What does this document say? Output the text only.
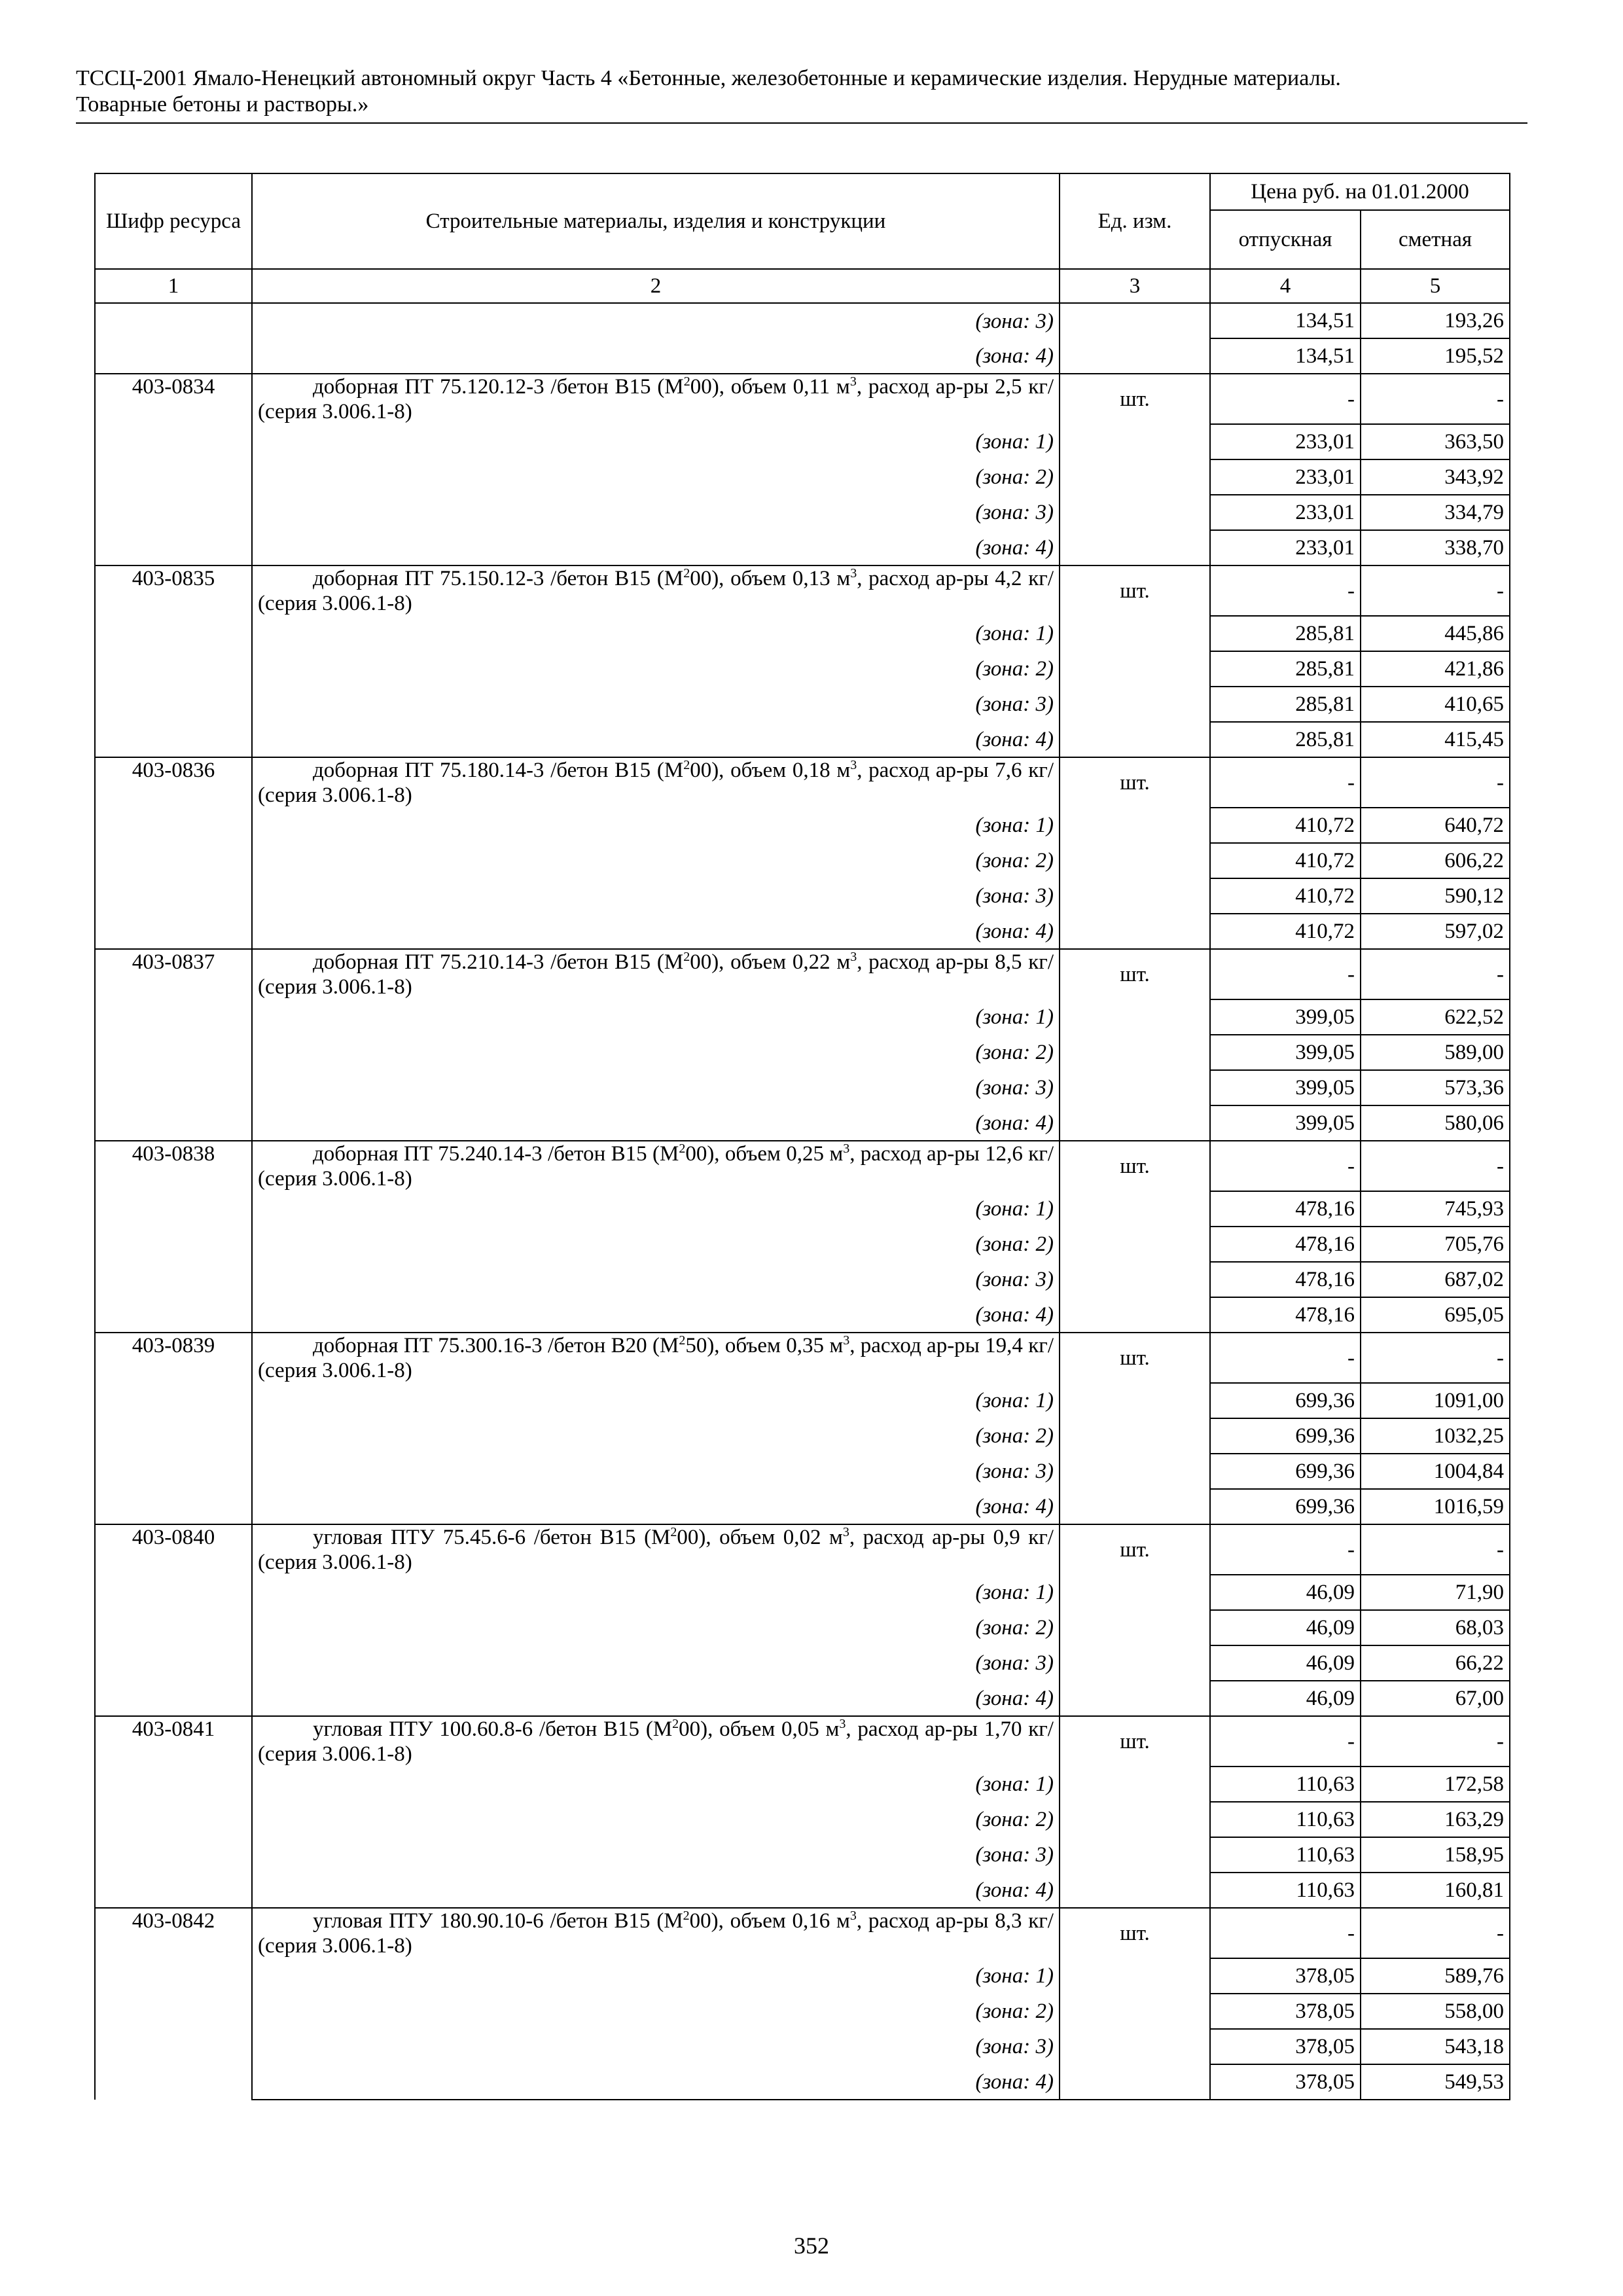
ТССЦ-2001 Ямало-Ненецкий автономный округ Часть 4 «Бетонные, железобетонные и керамические изделия. Нерудные материалы.
Товарные бетоны и растворы.»
Шифр ресурса	Строительные материалы, изделия и конструкции	Ед. изм.	Цена руб. на 01.01.2000	
			отпускная	сметная
1	2	3	4	5
	(зона: 3)		134,51	193,26
	(зона: 4)		134,51	195,52
403-0834	доборная ПТ 75.120.12-3 /бетон В15 $(М^200)$, объем 0,11 $м^3$, расход ар-ры 2,5 кг/ (серия 3.006.1-8)	шт.	-	-
	(зона: 1)		233,01	363,50
	(зона: 2)		233,01	343,92
	(зона: 3)		233,01	334,79
	(зона: 4)		233,01	338,70
403-0835	доборная ПТ 75.150.12-3 /бетон В15 $(М^200)$, объем 0,13 $м^3$, расход ар-ры 4,2 кг/ (серия 3.006.1-8)	шт.	-	-
	(зона: 1)		285,81	445,86
	(зона: 2)		285,81	421,86
	(зона: 3)		285,81	410,65
	(зона: 4)		285,81	415,45
403-0836	доборная ПТ 75.180.14-3 /бетон В15 $(М^200)$, объем 0,18 $м^3$, расход ар-ры 7,6 кг/ (серия 3.006.1-8)	шт.	-	-
	(зона: 1)		410,72	640,72
	(зона: 2)		410,72	606,22
	(зона: 3)		410,72	590,12
	(зона: 4)		410,72	597,02
403-0837	доборная ПТ 75.210.14-3 /бетон В15 $(М^200)$, объем 0,22 $м^3$, расход ар-ры 8,5 кг/ (серия 3.006.1-8)	шт.	-	-
	(зона: 1)		399,05	622,52
	(зона: 2)		399,05	589,00
	(зона: 3)		399,05	573,36
	(зона: 4)		399,05	580,06
403-0838	доборная ПТ 75.240.14-3 /бетон В15 $(М^200)$, объем 0,25 $м^3$, расход ар-ры 12,6 кг/ (серия 3.006.1-8)	шт.	-	-
	(зона: 1)		478,16	745,93
	(зона: 2)		478,16	705,76
	(зона: 3)		478,16	687,02
	(зона: 4)		478,16	695,05
403-0839	доборная ПТ 75.300.16-3 /бетон В20 $(М^250)$, объем 0,35 $м^3$, расход ар-ры 19,4 кг/ (серия 3.006.1-8)	шт.	-	-
	(зона: 1)		699,36	1091,00
	(зона: 2)		699,36	1032,25
	(зона: 3)		699,36	1004,84
	(зона: 4)		699,36	1016,59
403-0840	угловая ПТУ 75.45.6-6 /бетон В15 $(М^200)$, объем 0,02 $м^3$, расход ар-ры 0,9 кг/ (серия 3.006.1-8)	шт.	-	-
	(зона: 1)		46,09	71,90
	(зона: 2)		46,09	68,03
	(зона: 3)		46,09	66,22
	(зона: 4)		46,09	67,00
403-0841	угловая ПТУ 100.60.8-6 /бетон В15 $(М^200)$, объем 0,05 $м^3$, расход ар-ры 1,70 кг/ (серия 3.006.1-8)	шт.	-	-
	(зона: 1)		110,63	172,58
	(зона: 2)		110,63	163,29
	(зона: 3)		110,63	158,95
	(зона: 4)		110,63	160,81
403-0842	угловая ПТУ 180.90.10-6 /бетон В15 $(М^200)$, объем 0,16 $м^3$, расход ар-ры 8,3 кг/ (серия 3.006.1-8)	шт.	-	-
	(зона: 1)		378,05	589,76
	(зона: 2)		378,05	558,00
	(зона: 3)		378,05	543,18
	(зона: 4)		378,05	549,53
352
